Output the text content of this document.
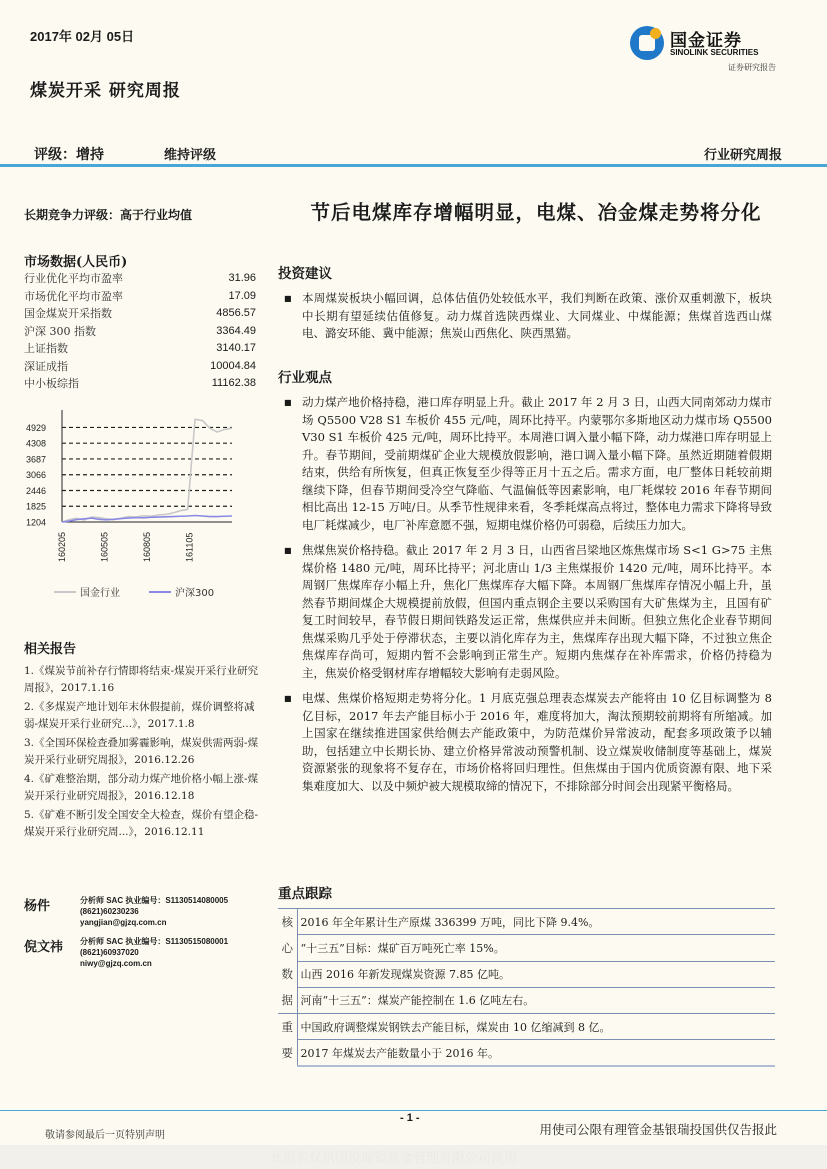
2017年 02月 05日
煤炭开采 研究周报
国金证券
SINOLINK SECURITIES
证券研究报告
评级：增持	维持评级	行业研究周报
长期竞争力评级：高于行业均值
市场数据(人民币)
行业优化平均市盈率	31.96
市场优化平均市盈率	17.09
国金煤炭开采指数	4856.57
沪深 300 指数	3364.49
上证指数	3140.17
深证成指	10004.84
中小板综指	11162.38
1204
1825
2446
3066
3687
4308
4929
160205	160505	160805	161105
国金行业	沪深300
相关报告
1.《煤炭节前补存行情即将结束-煤炭开采行业研究周报》，2017.1.16
2.《多煤炭产地计划年末休假提前，煤价调整将减弱-煤炭开采行业研究...》，2017.1.8
3.《全国环保检查叠加雾霾影响，煤炭供需两弱-煤炭开采行业研究周报》，2016.12.26
4.《矿难整治期，部分动力煤产地价格小幅上涨-煤炭开采行业研究周报》，2016.12.18
5.《矿难不断引发全国安全大检查，煤价有望企稳-煤炭开采行业研究周...》，2016.12.11
杨件	分析师 SAC 执业编号：S1130514080005
(8621)60230236
yangjian@gjzq.com.cn
倪文祎	分析师 SAC 执业编号：S1130515080001
(8621)60937020
niwy@gjzq.com.cn
节后电煤库存增幅明显，电煤、冶金煤走势将分化
投资建议
■ 本周煤炭板块小幅回调，总体估值仍处较低水平，我们判断在政策、涨价双重刺激下，板块中长期有望延续估值修复。动力煤首选陕西煤业、大同煤业、中煤能源；焦煤首选西山煤电、潞安环能、冀中能源；焦炭山西焦化、陕西黑猫。
行业观点
■ 动力煤产地价格持稳，港口库存明显上升。截止 2017 年 2 月 3 日，山西大同南郊动力煤市场 Q5500 V28 S1 车板价 455 元/吨，周环比持平。内蒙鄂尔多斯地区动力煤市场 Q5500 V30 S1 车板价 425 元/吨，周环比持平。本周港口调入量小幅下降，动力煤港口库存明显上升。春节期间，受前期煤矿企业大规模放假影响，港口调入量小幅下降。虽然近期随着假期结束，供给有所恢复，但真正恢复至少得等正月十五之后。需求方面，电厂整体日耗较前期继续下降，但春节期间受冷空气降临、气温偏低等因素影响，电厂耗煤较 2016 年春节期间相比高出 12-15 万吨/日。从季节性规律来看，冬季耗煤高点将过，整体电力需求下降将导致电厂耗煤减少，电厂补库意愿不强，短期电煤价格仍可弱稳，后续压力加大。
■ 焦煤焦炭价格持稳。截止 2017 年 2 月 3 日，山西省吕梁地区炼焦煤市场 S<1 G>75 主焦煤价格 1480 元/吨，周环比持平；河北唐山 1/3 主焦煤报价 1420 元/吨，周环比持平。本周钢厂焦煤库存小幅上升，焦化厂焦煤库存大幅下降。本周钢厂焦煤库存情况小幅上升，虽然春节期间煤企大规模提前放假，但国内重点钢企主要以采购国有大矿焦煤为主，且国有矿复工时间较早，春节假日期间铁路发运正常，焦煤供应并未间断。但独立焦化企业春节期间焦煤采购几乎处于停滞状态，主要以消化库存为主，焦煤库存出现大幅下降，不过独立焦企焦煤库存尚可，短期内暂不会影响到正常生产。短期内焦煤存在补库需求，价格仍持稳为主，焦炭价格受钢材库存增幅较大影响有走弱风险。
■ 电煤、焦煤价格短期走势将分化。1 月底克强总理表态煤炭去产能将由 10 亿目标调整为 8 亿目标，2017 年去产能目标小于 2016 年，难度将加大，淘汰预期较前期将有所缩减。加上国家在继续推进国家供给侧去产能政策中，为防范煤价异常波动，配套多项政策予以辅助，包括建立中长期长协、建立价格异常波动预警机制、设立煤炭收储制度等基础上，煤炭资源紧张的现象将不复存在，市场价格将回归理性。但焦煤由于国内优质资源有限、地下采集难度加大、以及中频炉被大规模取缔的情况下，不排除部分时间会出现紧平衡格局。
重点跟踪
核
心
数
据	2016 年全年累计生产原煤 336399 万吨，同比下降 9.4%。
	“十三五”目标：煤矿百万吨死亡率 15%。
	山西 2016 年新发现煤炭资源 7.85 亿吨。
	河南“十三五”：煤炭产能控制在 1.6 亿吨左右。
重
要	中国政府调整煤炭钢铁去产能目标，煤炭由 10 亿缩减到 8 亿。
	2017 年煤炭去产能数量小于 2016 年。
- 1 -
敬请参阅最后一页特别声明	用使司公限有理管金基银瑞投国供仅告报此
此报告仅供国投瑞银基金管理有限公司使用
